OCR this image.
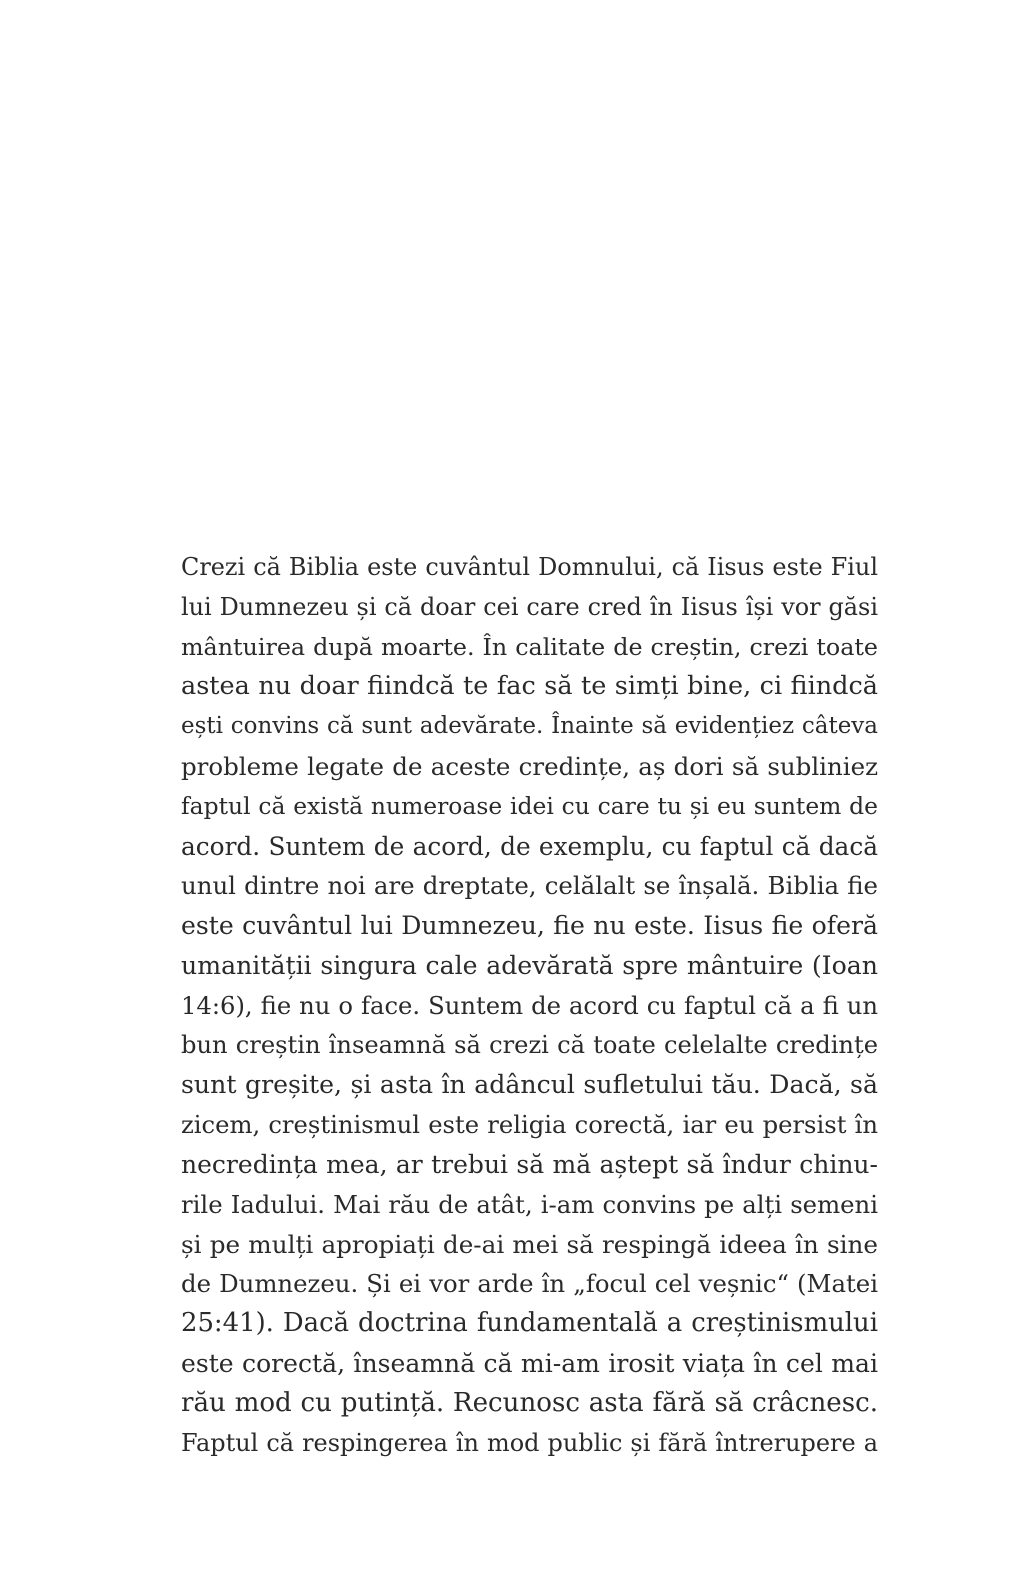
Crezi că Biblia este cuvântul Domnului, că Iisus este Fiul
lui Dumnezeu și că doar cei care cred în Iisus își vor găsi
mântuirea după moarte. În calitate de creștin, crezi toate
astea nu doar fiindcă te fac să te simți bine, ci fiindcă
ești convins că sunt adevărate. Înainte să evidențiez câteva
probleme legate de aceste credințe, aș dori să subliniez
faptul că există numeroase idei cu care tu și eu suntem de
acord. Suntem de acord, de exemplu, cu faptul că dacă
unul dintre noi are dreptate, celălalt se înșală. Biblia fie
este cuvântul lui Dumnezeu, fie nu este. Iisus fie oferă
umanității singura cale adevărată spre mântuire (Ioan
14:6), fie nu o face. Suntem de acord cu faptul că a fi un
bun creștin înseamnă să crezi că toate celelalte credințe
sunt greșite, și asta în adâncul sufletului tău. Dacă, să
zicem, creștinismul este religia corectă, iar eu persist în
necredința mea, ar trebui să mă aștept să îndur chinu-
rile Iadului. Mai rău de atât, i-am convins pe alți semeni
și pe mulți apropiați de-ai mei să respingă ideea în sine
de Dumnezeu. Și ei vor arde în „focul cel veșnic“ (Matei
25:41). Dacă doctrina fundamentală a creștinismului
este corectă, înseamnă că mi-am irosit viața în cel mai
rău mod cu putință. Recunosc asta fără să crâcnesc.
Faptul că respingerea în mod public și fără întrerupere a
